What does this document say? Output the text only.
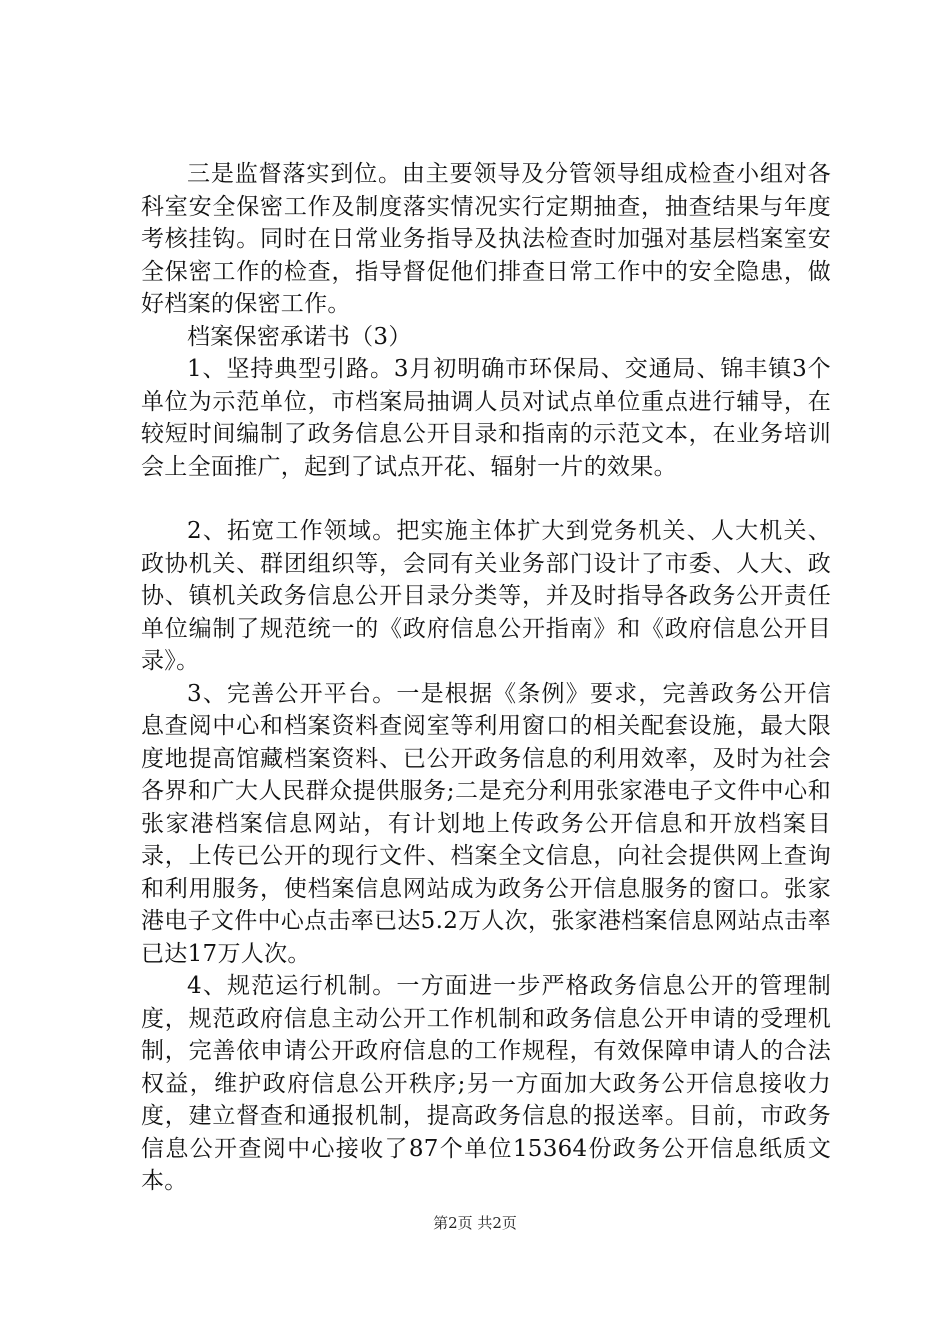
三是监督落实到位。由主要领导及分管领导组成检查小组对各科室安全保密工作及制度落实情况实行定期抽查，抽查结果与年度考核挂钩。同时在日常业务指导及执法检查时加强对基层档案室安全保密工作的检查，指导督促他们排查日常工作中的安全隐患，做好档案的保密工作。

档案保密承诺书（3）

1、坚持典型引路。3月初明确市环保局、交通局、锦丰镇3个单位为示范单位，市档案局抽调人员对试点单位重点进行辅导，在较短时间编制了政务信息公开目录和指南的示范文本，在业务培训会上全面推广，起到了试点开花、辐射一片的效果。

2、拓宽工作领域。把实施主体扩大到党务机关、人大机关、政协机关、群团组织等，会同有关业务部门设计了市委、人大、政协、镇机关政务信息公开目录分类等，并及时指导各政务公开责任单位编制了规范统一的《政府信息公开指南》和《政府信息公开目录》。

3、完善公开平台。一是根据《条例》要求，完善政务公开信息查阅中心和档案资料查阅室等利用窗口的相关配套设施，最大限度地提高馆藏档案资料、已公开政务信息的利用效率，及时为社会各界和广大人民群众提供服务;二是充分利用张家港电子文件中心和张家港档案信息网站，有计划地上传政务公开信息和开放档案目录，上传已公开的现行文件、档案全文信息，向社会提供网上查询和利用服务，使档案信息网站成为政务公开信息服务的窗口。张家港电子文件中心点击率已达5.2万人次，张家港档案信息网站点击率已达17万人次。

4、规范运行机制。一方面进一步严格政务信息公开的管理制度，规范政府信息主动公开工作机制和政务信息公开申请的受理机制，完善依申请公开政府信息的工作规程，有效保障申请人的合法权益，维护政府信息公开秩序;另一方面加大政务公开信息接收力度，建立督查和通报机制，提高政务信息的报送率。目前，市政务信息公开查阅中心接收了87个单位15364份政务公开信息纸质文本。

第2页 共2页
